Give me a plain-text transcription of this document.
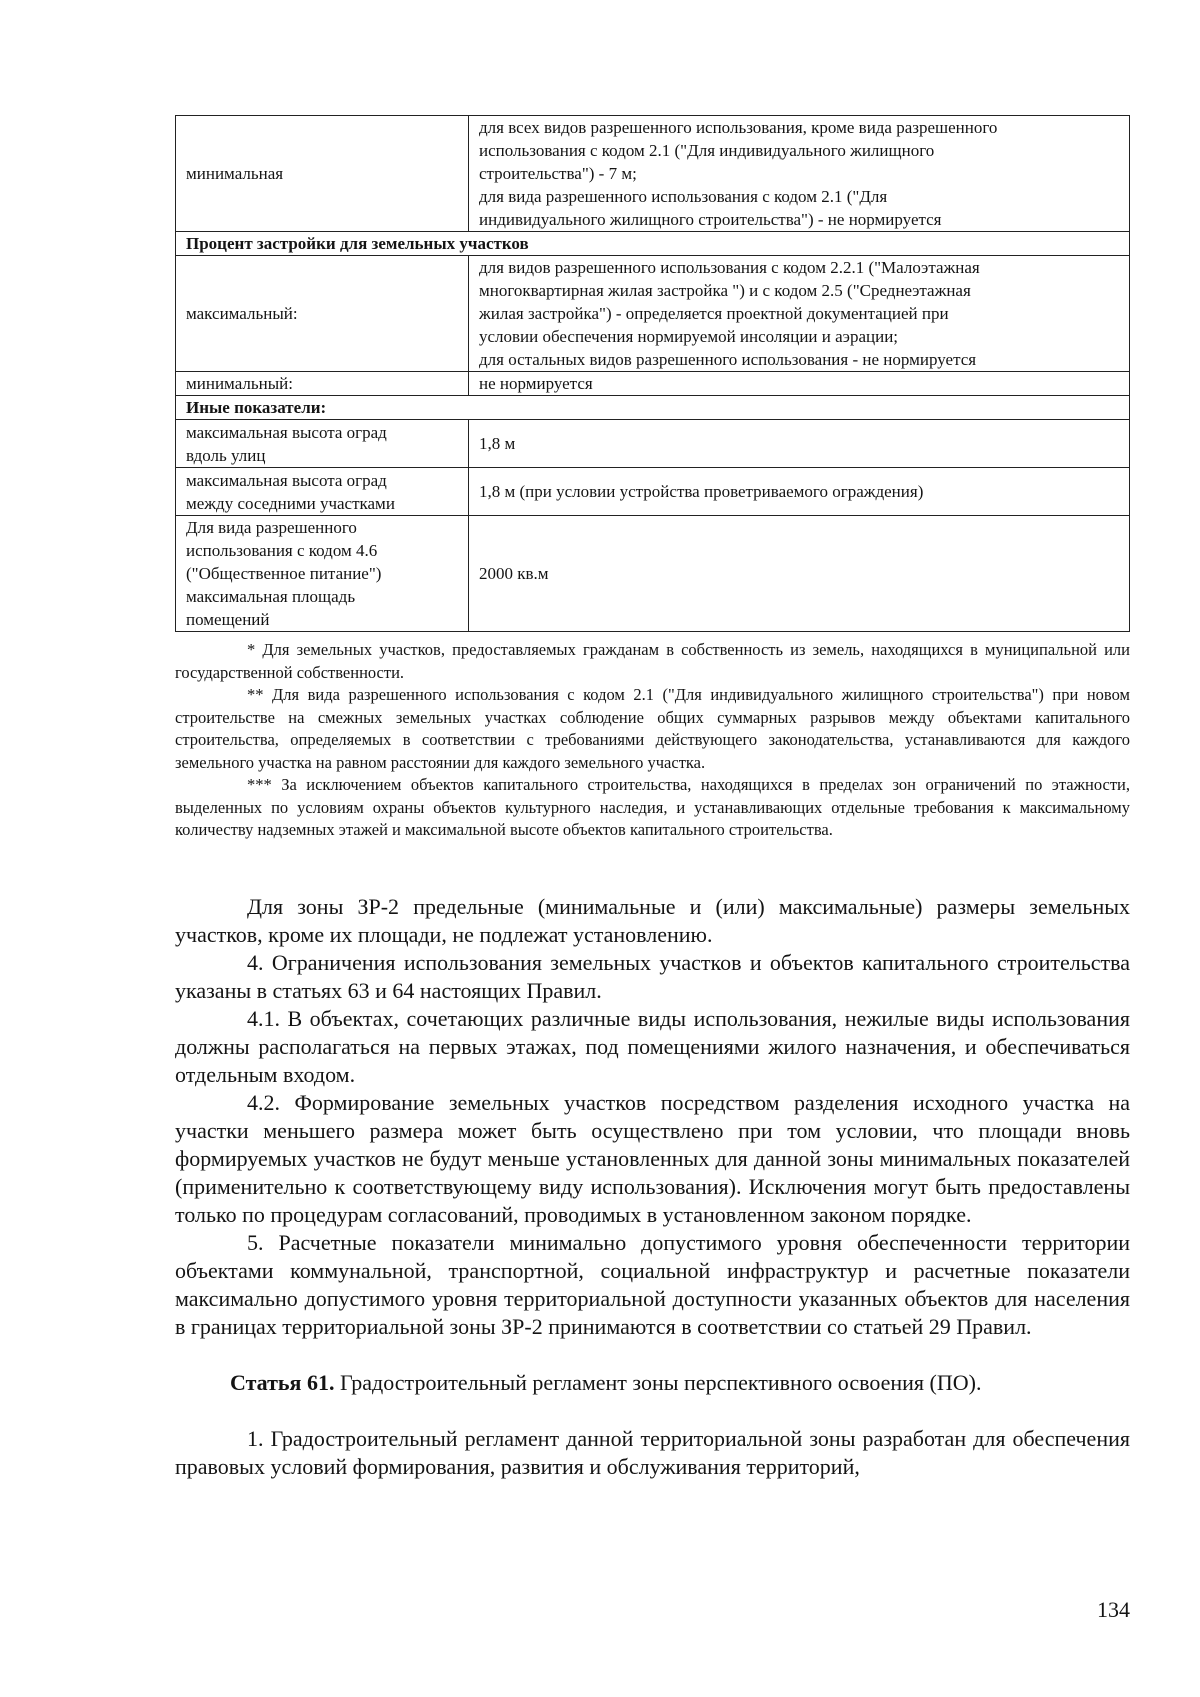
минимальная	для всех видов разрешенного использования, кроме вида разрешенного
использования с кодом 2.1 ("Для индивидуального жилищного
строительства") - 7 м;
для вида разрешенного использования с кодом 2.1 ("Для
индивидуального жилищного строительства") - не нормируется

Процент застройки для земельных участков	
максимальный:	для видов разрешенного использования с кодом 2.2.1 ("Малоэтажная
многоквартирная жилая застройка ") и с кодом 2.5 ("Среднеэтажная
жилая застройка") - определяется проектной документацией при
условии обеспечения нормируемой инсоляции и аэрации;
для остальных видов разрешенного использования - не нормируется

минимальный:	не нормируется
Иные показатели:	

максимальная высота оград
вдоль улиц	1,8 м

максимальная высота оград
между соседними участками	1,8 м (при условии устройства проветриваемого ограждения)

Для вида разрешенного
использования с кодом 4.6
("Общественное питание")
максимальная площадь
помещений	2000 кв.м

* Для земельных участков, предоставляемых гражданам в собственность из земель, находящихся в муниципальной или государственной собственности.

** Для вида разрешенного использования с кодом 2.1 ("Для индивидуального жилищного строительства") при новом строительстве на смежных земельных участках соблюдение общих суммарных разрывов между объектами капитального строительства, определяемых в соответствии с требованиями действующего законодательства, устанавливаются для каждого земельного участка на равном расстоянии для каждого земельного участка.

*** За исключением объектов капитального строительства, находящихся в пределах зон ограничений по этажности, выделенных по условиям охраны объектов культурного наследия, и устанавливающих отдельные требования к максимальному количеству надземных этажей и максимальной высоте объектов капитального строительства.

Для зоны ЗР-2 предельные (минимальные и (или) максимальные) размеры земельных участков, кроме их площади, не подлежат установлению.

4. Ограничения использования земельных участков и объектов капитального строительства указаны в статьях 63 и 64 настоящих Правил.

4.1. В объектах, сочетающих различные виды использования, нежилые виды использования должны располагаться на первых этажах, под помещениями жилого назначения, и обеспечиваться отдельным входом.

4.2. Формирование земельных участков посредством разделения исходного участка на участки меньшего размера может быть осуществлено при том условии, что площади вновь формируемых участков не будут меньше установленных для данной зоны минимальных показателей (применительно к соответствующему виду использования). Исключения могут быть предоставлены только по процедурам согласований, проводимых в установленном законом порядке.

5. Расчетные показатели минимально допустимого уровня обеспеченности территории объектами коммунальной, транспортной, социальной инфраструктур и расчетные показатели максимально допустимого уровня территориальной доступности указанных объектов для населения в границах территориальной зоны ЗР-2 принимаются в соответствии со статьей 29 Правил.

Статья 61. Градостроительный регламент зоны перспективного освоения (ПО).

1. Градостроительный регламент данной территориальной зоны разработан для обеспечения правовых условий формирования, развития и обслуживания территорий,

134
